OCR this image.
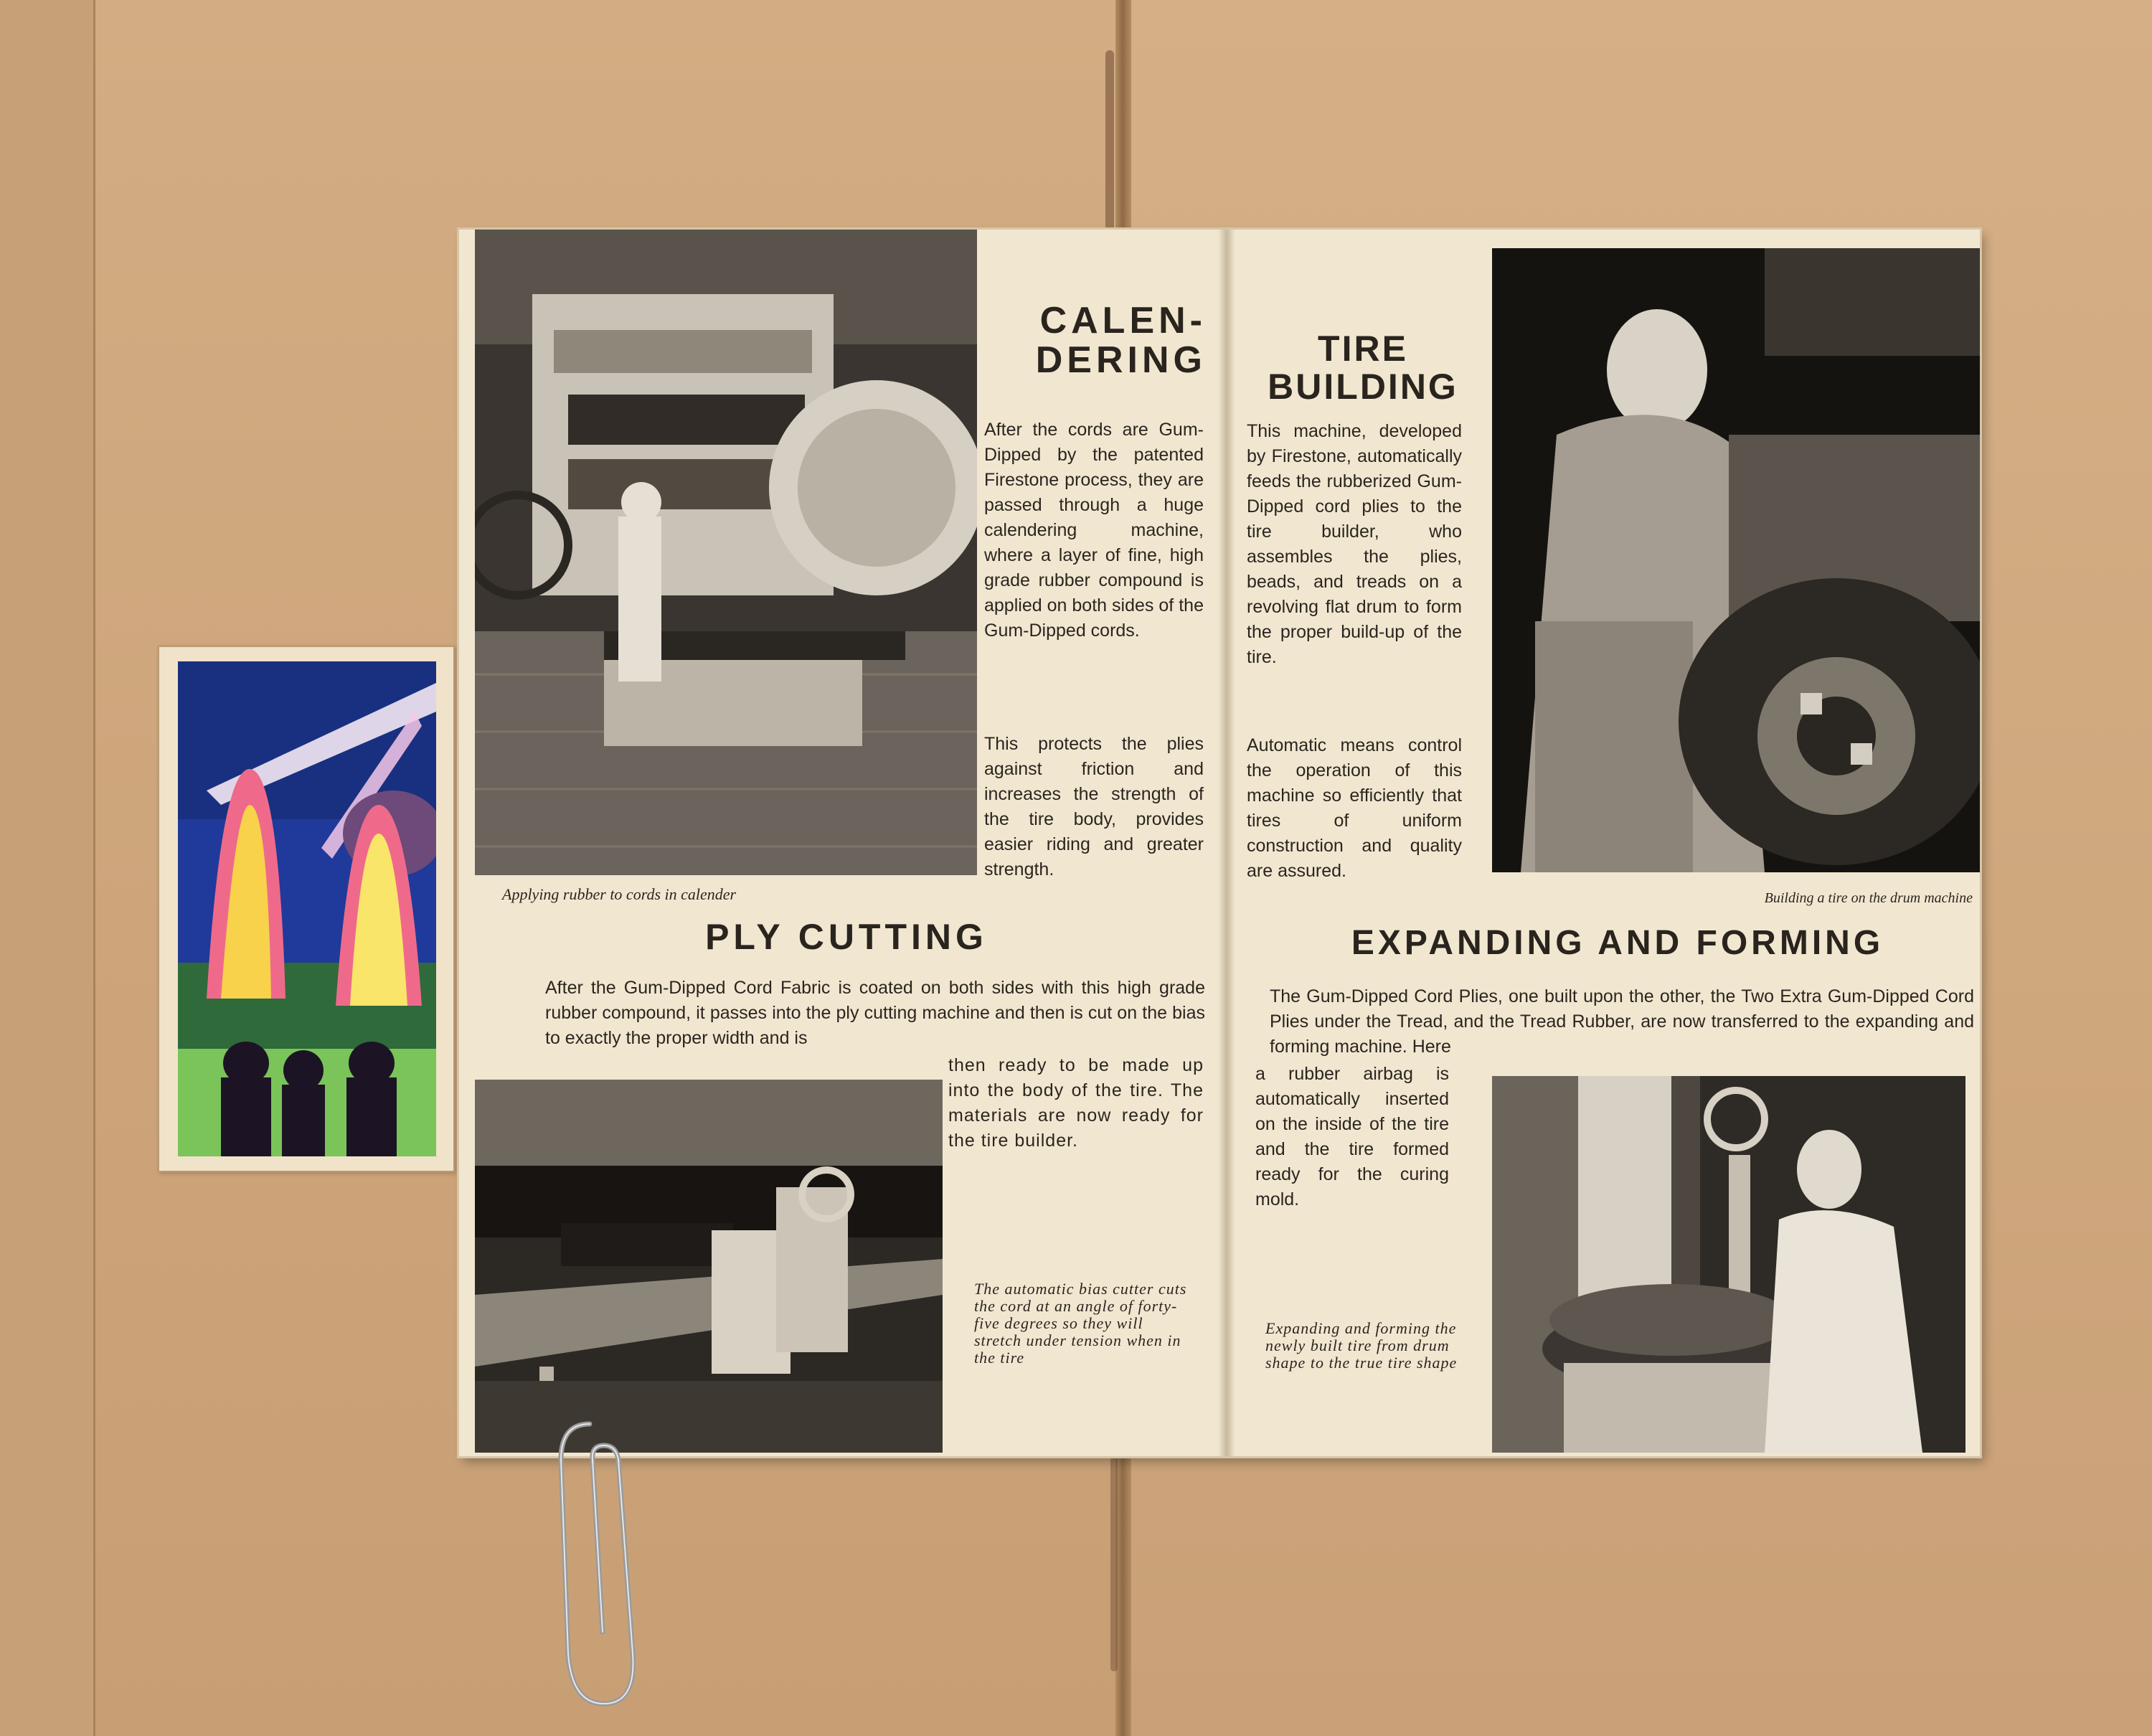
CALEN-
DERING

After the cords are Gum-Dipped by the patented Firestone process, they are passed through a huge calendering machine, where a layer of fine, high grade rubber compound is applied on both sides of the Gum-Dipped cords.

This protects the plies against friction and increases the strength of the tire body, provides easier riding and greater strength.

Applying rubber to cords in calender

PLY CUTTING

After the Gum-Dipped Cord Fabric is coated on both sides with this high grade rubber compound, it passes into the ply cutting machine and then is cut on the bias to exactly the proper width and is

then ready to be made up into the body of the tire. The materials are now ready for the tire builder.

The automatic bias cutter cuts the cord at an angle of forty-five degrees so they will stretch under tension when in the tire

TIRE
BUILDING

This machine, developed by Firestone, automatically feeds the rubberized Gum-Dipped cord plies to the tire builder, who assembles the plies, beads, and treads on a revolving flat drum to form the proper build-up of the tire.

Automatic means control the operation of this machine so efficiently that tires of uniform construction and quality are assured.

Building a tire on the drum machine

EXPANDING AND FORMING

The Gum-Dipped Cord Plies, one built upon the other, the Two Extra Gum-Dipped Cord Plies under the Tread, and the Tread Rubber, are now transferred to the expanding and forming machine. Here

a rubber airbag is automatically inserted on the inside of the tire and the tire formed ready for the curing mold.

Expanding and forming the newly built tire from drum shape to the true tire shape
